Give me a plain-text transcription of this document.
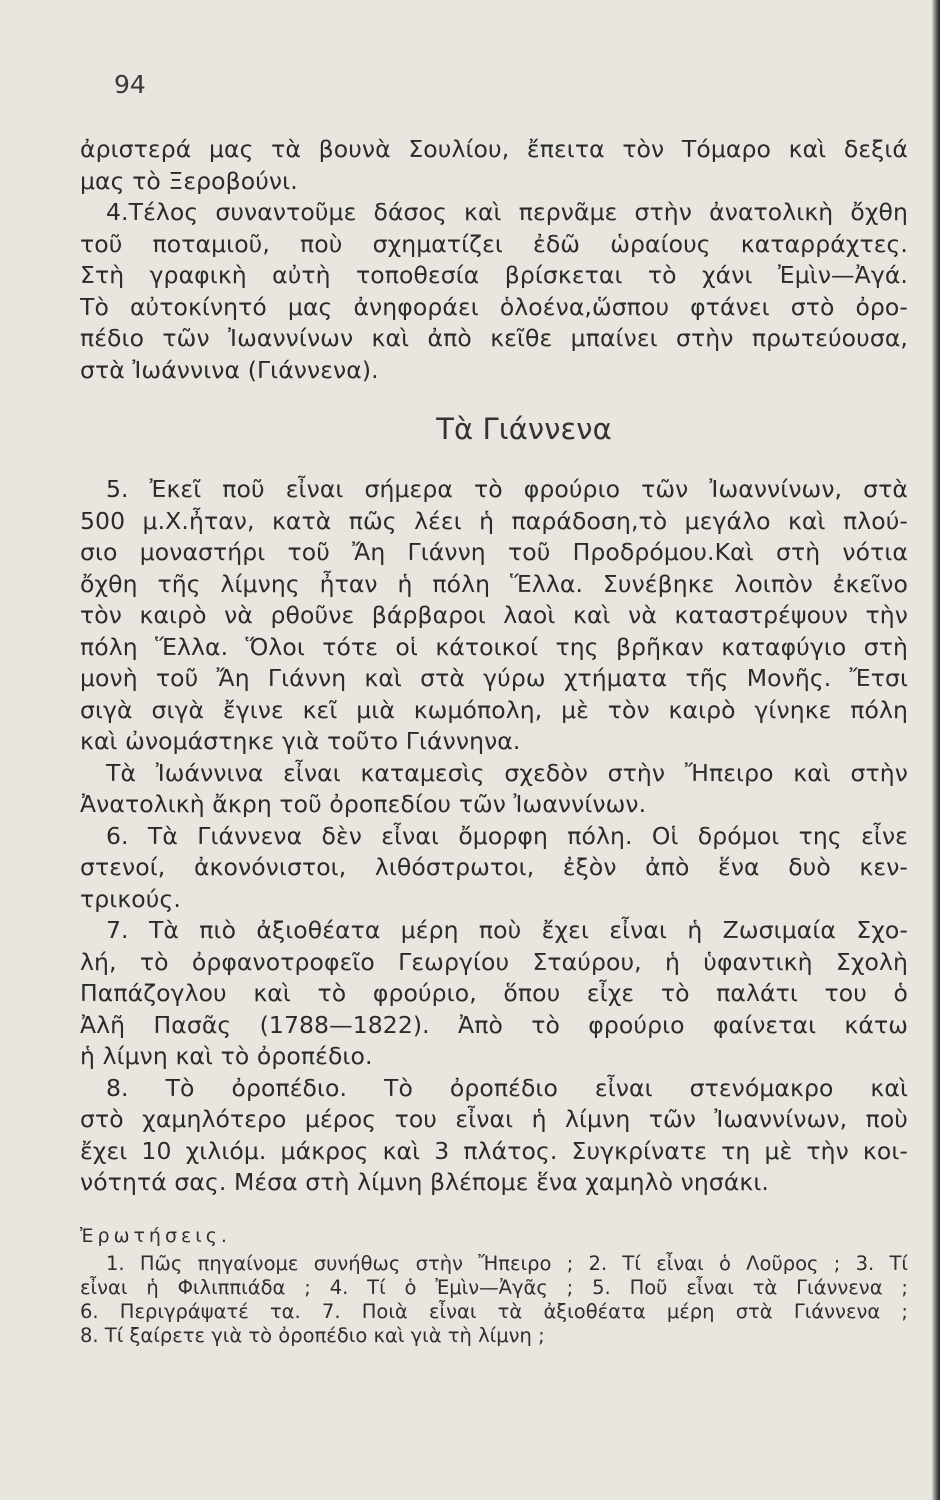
94
ἀριστερά μας τὰ βουνὰ Σουλίου, ἔπειτα τὸν Τόμαρο καὶ δεξιά
μας τὸ Ξεροβούνι.
4.Τέλος συναντοῦμε δάσος καὶ περνᾶμε στὴν ἀνατολικὴ ὄχθη
τοῦ ποταμιοῦ, ποὺ σχηματίζει ἐδῶ ὡραίους καταρράχτες.
Στὴ γραφικὴ αὐτὴ τοποθεσία βρίσκεται τὸ χάνι Ἐμὶν—Ἀγά.
Τὸ αὐτοκίνητό μας ἀνηφοράει ὁλοένα,ὥσπου φτάνει στὸ ὀρο-
πέδιο τῶν Ἰωαννίνων καὶ ἀπὸ κεῖθε μπαίνει στὴν πρωτεύουσα,
στὰ Ἰωάννινα (Γιάννενα).
Τὰ Γιάννενα
5. Ἐκεῖ ποῦ εἶναι σήμερα τὸ φρούριο τῶν Ἰωαννίνων, στὰ
500 μ.Χ.ἦταν, κατὰ πῶς λέει ἡ παράδοση,τὸ μεγάλο καὶ πλού-
σιο μοναστήρι τοῦ Ἄη Γιάννη τοῦ Προδρόμου.Καὶ στὴ νότια
ὄχθη τῆς λίμνης ἦταν ἡ πόλη Ἕλλα. Συνέβηκε λοιπὸν ἐκεῖνο
τὸν καιρὸ νὰ ρθοῦνε βάρβαροι λαοὶ καὶ νὰ καταστρέψουν τὴν
πόλη Ἕλλα. Ὅλοι τότε οἱ κάτοικοί της βρῆκαν καταφύγιο στὴ
μονὴ τοῦ Ἄη Γιάννη καὶ στὰ γύρω χτήματα τῆς Μονῆς. Ἔτσι
σιγὰ σιγὰ ἔγινε κεῖ μιὰ κωμόπολη, μὲ τὸν καιρὸ γίνηκε πόλη
καὶ ὠνομάστηκε γιὰ τοῦτο Γιάννηνα.
Τὰ Ἰωάννινα εἶναι καταμεσὶς σχεδὸν στὴν Ἤπειρο καὶ στὴν
Ἀνατολικὴ ἄκρη τοῦ ὀροπεδίου τῶν Ἰωαννίνων.
6. Τὰ Γιάννενα δὲν εἶναι ὄμορφη πόλη. Οἱ δρόμοι της εἶνε
στενοί, ἀκονόνιστοι, λιθόστρωτοι, ἐξὸν ἀπὸ ἕνα δυὸ κεν-
τρικούς.
7. Τὰ πιὸ ἀξιοθέατα μέρη ποὺ ἔχει εἶναι ἡ Ζωσιμαία Σχο-
λή, τὸ ὀρφανοτροφεῖο Γεωργίου Σταύρου, ἡ ὑφαντικὴ Σχολὴ
Παπάζογλου καὶ τὸ φρούριο, ὅπου εἶχε τὸ παλάτι του ὁ
Ἀλῆ Πασᾶς (1788—1822). Ἀπὸ τὸ φρούριο φαίνεται κάτω
ἡ λίμνη καὶ τὸ ὀροπέδιο.
8. Τὸ ὀροπέδιο. Τὸ ὀροπέδιο εἶναι στενόμακρο καὶ
στὸ χαμηλότερο μέρος του εἶναι ἡ λίμνη τῶν Ἰωαννίνων, ποὺ
ἔχει 10 χιλιόμ. μάκρος καὶ 3 πλάτος. Συγκρίνατε τη μὲ τὴν κοι-
νότητά σας. Μέσα στὴ λίμνη βλέπομε ἕνα χαμηλὸ νησάκι.
Ἐρωτήσεις.
1. Πῶς πηγαίνομε συνήθως στὴν Ἤπειρο ; 2. Τί εἶναι ὁ Λοῦρος ; 3. Τί
εἶναι ἡ Φιλιππιάδα ; 4. Τί ὁ Ἐμὶν—Ἀγᾶς ; 5. Ποῦ εἶναι τὰ Γιάννενα ;
6. Περιγράψατέ τα. 7. Ποιὰ εἶναι τὰ ἀξιοθέατα μέρη στὰ Γιάννενα ;
8. Τί ξαίρετε γιὰ τὸ ὀροπέδιο καὶ γιὰ τὴ λίμνη ;
